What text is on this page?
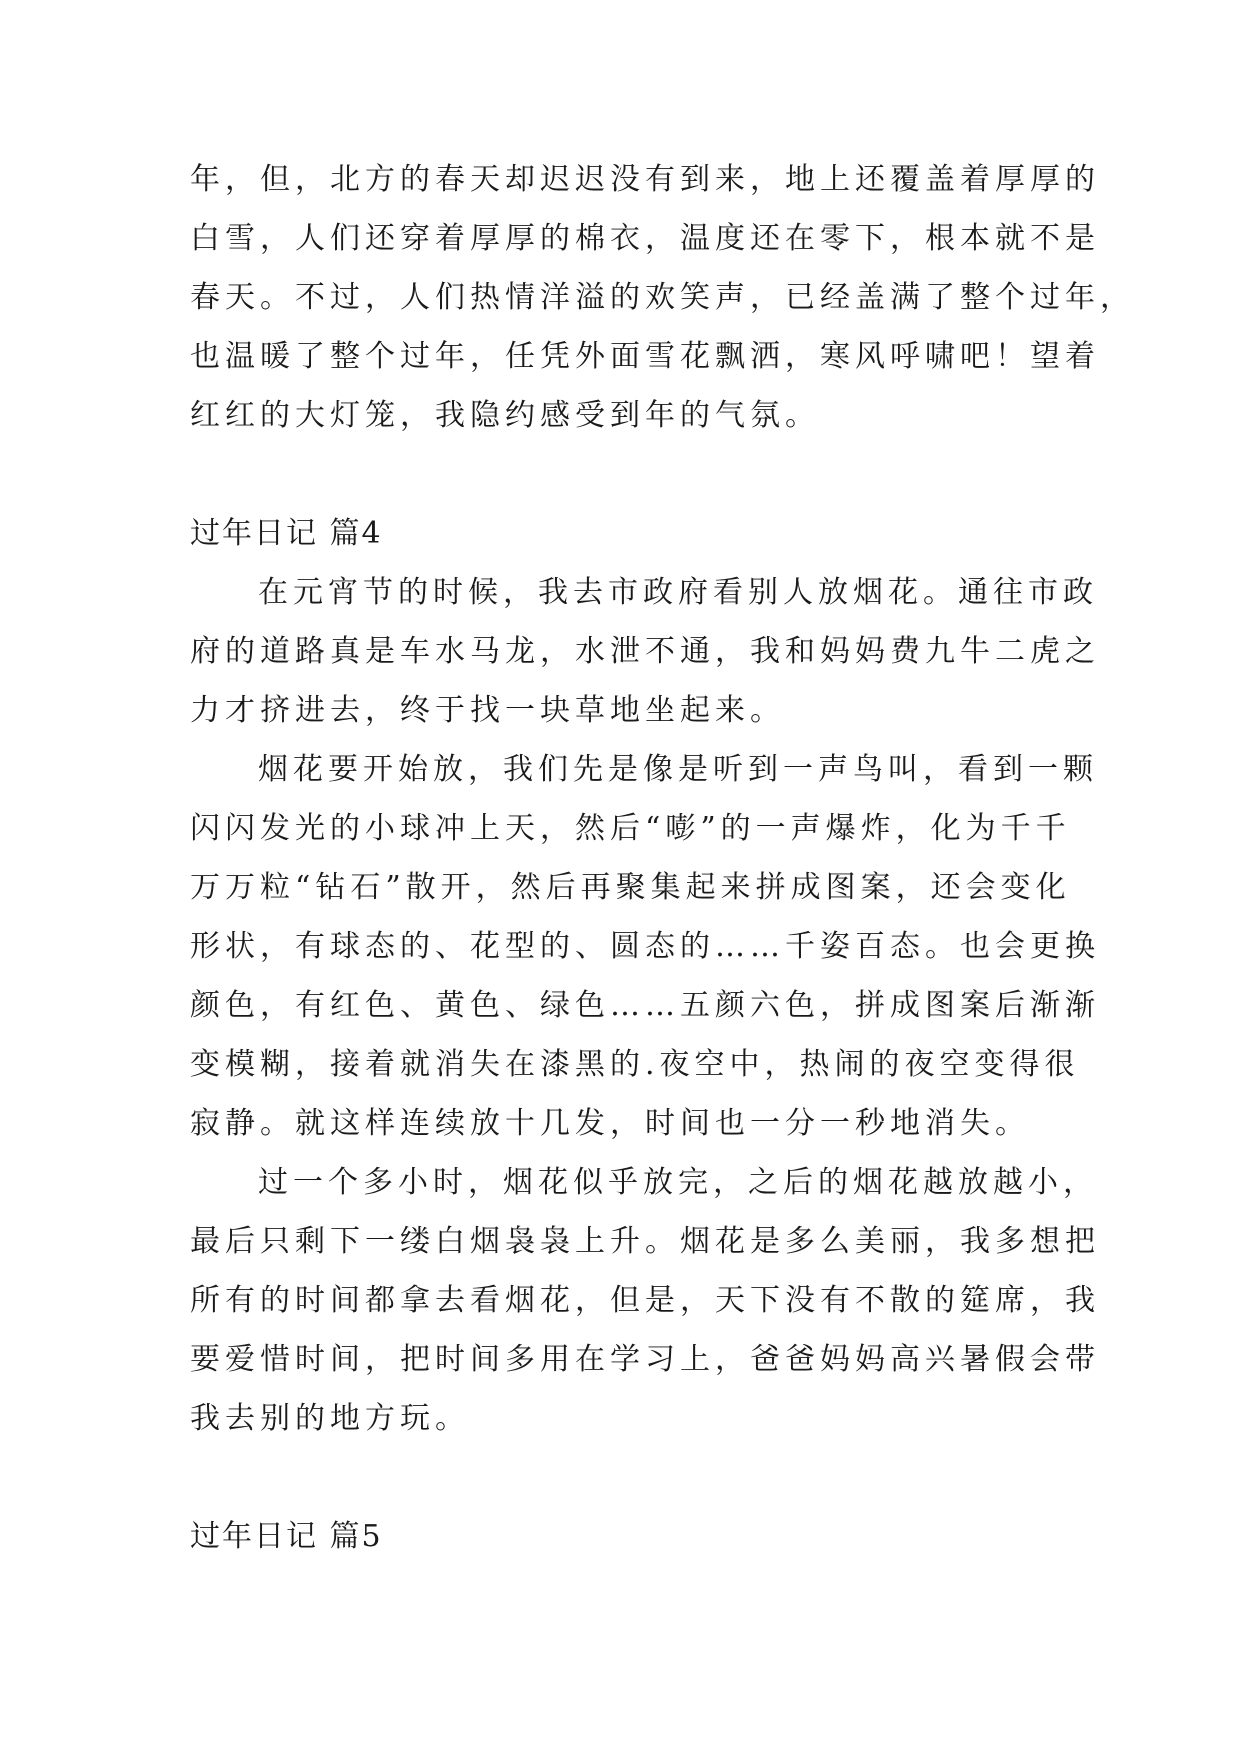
年，但，北方的春天却迟迟没有到来，地上还覆盖着厚厚的
白雪，人们还穿着厚厚的棉衣，温度还在零下，根本就不是
春天。不过，人们热情洋溢的欢笑声，已经盖满了整个过年，
也温暖了整个过年，任凭外面雪花飘洒，寒风呼啸吧！望着
红红的大灯笼，我隐约感受到年的气氛。
过年日记 篇4
在元宵节的时候，我去市政府看别人放烟花。通往市政
府的道路真是车水马龙，水泄不通，我和妈妈费九牛二虎之
力才挤进去，终于找一块草地坐起来。
烟花要开始放，我们先是像是听到一声鸟叫，看到一颗
闪闪发光的小球冲上天，然后“嘭”的一声爆炸，化为千千
万万粒“钻石”散开，然后再聚集起来拼成图案，还会变化
形状，有球态的、花型的、圆态的……千姿百态。也会更换
颜色，有红色、黄色、绿色……五颜六色，拼成图案后渐渐
变模糊，接着就消失在漆黑的.夜空中，热闹的夜空变得很
寂静。就这样连续放十几发，时间也一分一秒地消失。
过一个多小时，烟花似乎放完，之后的烟花越放越小，
最后只剩下一缕白烟袅袅上升。烟花是多么美丽，我多想把
所有的时间都拿去看烟花，但是，天下没有不散的筵席，我
要爱惜时间，把时间多用在学习上，爸爸妈妈高兴暑假会带
我去别的地方玩。
过年日记 篇5
